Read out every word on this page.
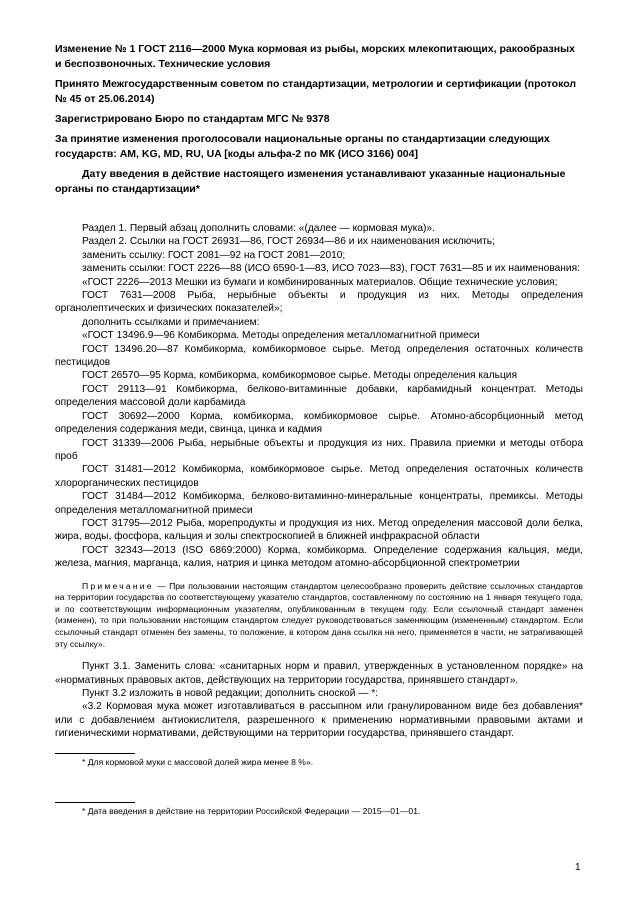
Изменение № 1 ГОСТ 2116—2000 Мука кормовая из рыбы, морских млекопитающих, ракообразных и беспозвоночных. Технические условия

Принято Межгосударственным советом по стандартизации, метрологии и сертификации (протокол № 45 от 25.06.2014)

Зарегистрировано Бюро по стандартам МГС № 9378

За принятие изменения проголосовали национальные органы по стандартизации следующих государств: AM, KG, MD, RU, UA [коды альфа-2 по МК (ИСО 3166) 004]

Дату введения в действие настоящего изменения устанавливают указанные национальные органы по стандартизации*

Раздел 1. Первый абзац дополнить словами: «(далее — кормовая мука)».

Раздел 2. Ссылки на ГОСТ 26931—86, ГОСТ 26934—86 и их наименования исключить;

заменить ссылку: ГОСТ 2081—92 на ГОСТ 2081—2010;

заменить ссылки: ГОСТ 2226—88 (ИСО 6590-1—83, ИСО 7023—83), ГОСТ 7631—85 и их наименования:

«ГОСТ 2226—2013 Мешки из бумаги и комбинированных материалов. Общие технические условия;

ГОСТ 7631—2008 Рыба, нерыбные объекты и продукция из них. Методы определения органолептических и физических показателей»;

дополнить ссылками и примечанием:

«ГОСТ 13496.9—96 Комбикорма. Методы определения металломагнитной примеси

ГОСТ 13496.20—87 Комбикорма, комбикормовое сырье. Метод определения остаточных количеств пестицидов

ГОСТ 26570—95 Корма, комбикорма, комбикормовое сырье. Методы определения кальция

ГОСТ 29113—91 Комбикорма, белково-витаминные добавки, карбамидный концентрат. Методы определения массовой доли карбамида

ГОСТ 30692—2000 Корма, комбикорма, комбикормовое сырье. Атомно-абсорбционный метод определения содержания меди, свинца, цинка и кадмия

ГОСТ 31339—2006 Рыба, нерыбные объекты и продукция из них. Правила приемки и методы отбора проб

ГОСТ 31481—2012 Комбикорма, комбикормовое сырье. Метод определения остаточных количеств хлорорганических пестицидов

ГОСТ 31484—2012 Комбикорма, белково-витаминно-минеральные концентраты, премиксы. Методы определения металломагнитной примеси

ГОСТ 31795—2012 Рыба, морепродукты и продукция из них. Метод определения массовой доли белка, жира, воды, фосфора, кальция и золы спектроскопией в ближней инфракрасной области

ГОСТ 32343—2013 (ISO 6869:2000) Корма, комбикорма. Определение содержания кальция, меди, железа, магния, марганца, калия, натрия и цинка методом атомно-абсорбционной спектрометрии

Примечание — При пользовании настоящим стандартом целесообразно проверить действие ссылочных стандартов на территории государства по соответствующему указателю стандартов, составленному по состоянию на 1 января текущего года, и по соответствующим информационным указателям, опубликованным в текущем году. Если ссылочный стандарт заменен (изменен), то при пользовании настоящим стандартом следует руководствоваться заменяющим (измененным) стандартом. Если ссылочный стандарт отменен без замены, то положение, в котором дана ссылка на него, применяется в части, не затрагивающей эту ссылку».

Пункт 3.1. Заменить слова: «санитарных норм и правил, утвержденных в установленном порядке» на «нормативных правовых актов, действующих на территории государства, принявшего стандарт».

Пункт 3.2 изложить в новой редакции; дополнить сноской — *:

«3.2 Кормовая мука может изготавливаться в рассыпном или гранулированном виде без добавления* или с добавлением антиокислителя, разрешенного к применению нормативными правовыми актами и гигиеническими нормативами, действующими на территории государства, принявшего стандарт.

* Для кормовой муки с массовой долей жира менее 8 %».

* Дата введения в действие на территории Российской Федерации — 2015—01—01.

1
